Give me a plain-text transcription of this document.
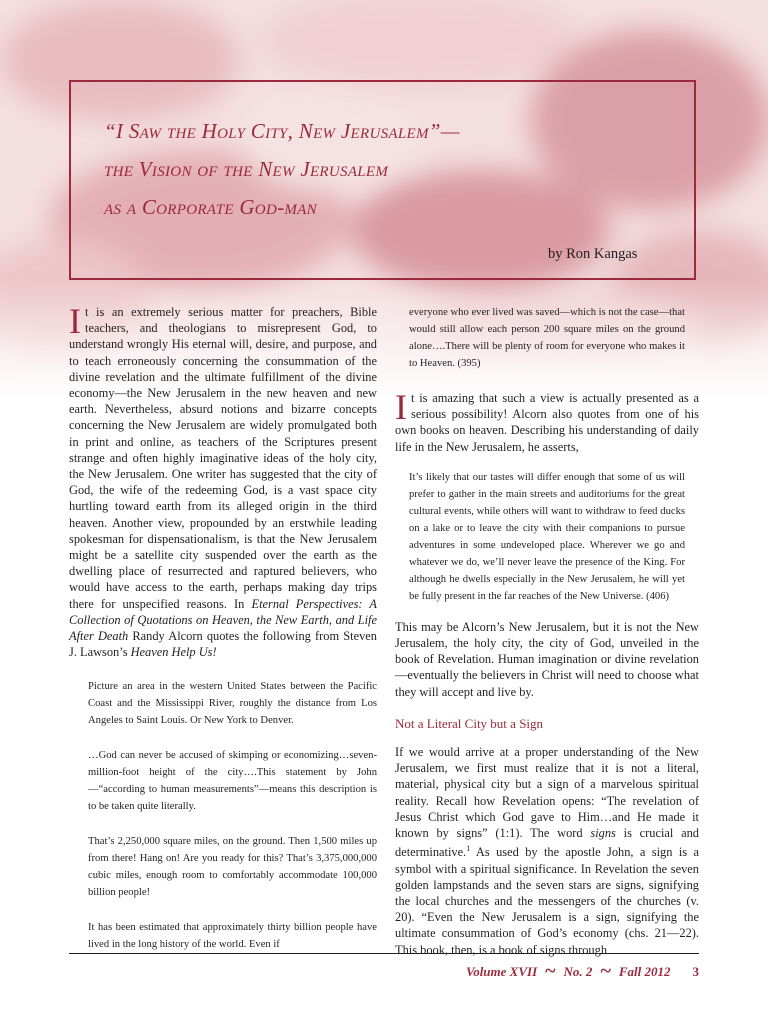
“I Saw the Holy City, New Jerusalem”—
the Vision of the New Jerusalem
as a Corporate God-man
by Ron Kangas

It is an extremely serious matter for preachers, Bible teachers, and theologians to misrepresent God, to understand wrongly His eternal will, desire, and purpose, and to teach erroneously concerning the consummation of the divine revelation and the ultimate fulfillment of the divine economy—the New Jerusalem in the new heaven and new earth. Nevertheless, absurd notions and bizarre concepts concerning the New Jerusalem are widely promulgated both in print and online, as teachers of the Scriptures present strange and often highly imaginative ideas of the holy city, the New Jerusalem. One writer has suggested that the city of God, the wife of the redeeming God, is a vast space city hurtling toward earth from its alleged origin in the third heaven. Another view, propounded by an erstwhile leading spokesman for dispensationalism, is that the New Jerusalem might be a satellite city suspended over the earth as the dwelling place of resurrected and raptured believers, who would have access to the earth, perhaps making day trips there for unspecified reasons. In Eternal Perspectives: A Collection of Quotations on Heaven, the New Earth, and Life After Death Randy Alcorn quotes the following from Steven J. Lawson’s Heaven Help Us!

Picture an area in the western United States between the Pacific Coast and the Mississippi River, roughly the distance from Los Angeles to Saint Louis. Or New York to Denver.

…God can never be accused of skimping or economizing…seven-million-foot height of the city….This statement by John—“according to human measurements”—means this description is to be taken quite literally.

That’s 2,250,000 square miles, on the ground. Then 1,500 miles up from there! Hang on! Are you ready for this? That’s 3,375,000,000 cubic miles, enough room to comfortably accommodate 100,000 billion people!

It has been estimated that approximately thirty billion people have lived in the long history of the world. Even if

everyone who ever lived was saved—which is not the case—that would still allow each person 200 square miles on the ground alone….There will be plenty of room for everyone who makes it to Heaven. (395)

It is amazing that such a view is actually presented as a serious possibility! Alcorn also quotes from one of his own books on heaven. Describing his understanding of daily life in the New Jerusalem, he asserts,

It’s likely that our tastes will differ enough that some of us will prefer to gather in the main streets and auditoriums for the great cultural events, while others will want to withdraw to feed ducks on a lake or to leave the city with their companions to pursue adventures in some undeveloped place. Wherever we go and whatever we do, we’ll never leave the presence of the King. For although he dwells especially in the New Jerusalem, he will yet be fully present in the far reaches of the New Universe. (406)

This may be Alcorn’s New Jerusalem, but it is not the New Jerusalem, the holy city, the city of God, unveiled in the book of Revelation. Human imagination or divine revelation—eventually the believers in Christ will need to choose what they will accept and live by.

Not a Literal City but a Sign

If we would arrive at a proper understanding of the New Jerusalem, we first must realize that it is not a literal, material, physical city but a sign of a marvelous spiritual reality. Recall how Revelation opens: “The revelation of Jesus Christ which God gave to Him…and He made it known by signs” (1:1). The word signs is crucial and determinative.$^1$ As used by the apostle John, a sign is a symbol with a spiritual significance. In Revelation the seven golden lampstands and the seven stars are signs, signifying the local churches and the messengers of the churches (v. 20). “Even the New Jerusalem is a sign, signifying the ultimate consummation of God’s economy (chs. 21—22). This book, then, is a book of signs through

Volume XVII ~ No. 2 ~ Fall 2012 3
